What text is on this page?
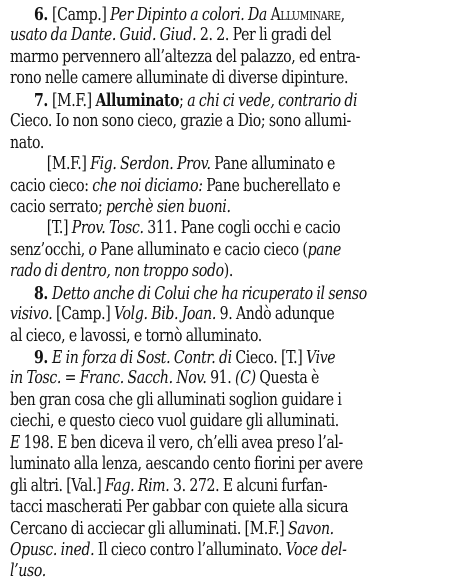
6. [Camp.] Per Dipinto a colori. Da Alluminare,
usato da Dante. Guid. Giud. 2. 2. Per li gradi del
marmo pervennero all’altezza del palazzo, ed entra-
rono nelle camere alluminate di diverse dipinture.
7. [M.F.] Alluminato; a chi ci vede, contrario di
Cieco. Io non sono cieco, grazie a Dio; sono allumi-
nato.
[M.F.] Fig. Serdon. Prov. Pane alluminato e
cacio cieco: che noi diciamo: Pane bucherellato e
cacio serrato; perchè sien buoni.
[T.] Prov. Tosc. 311. Pane cogli occhi e cacio
senz’occhi, o Pane alluminato e cacio cieco (pane
rado di dentro, non troppo sodo).
8. Detto anche di Colui che ha ricuperato il senso
visivo. [Camp.] Volg. Bib. Joan. 9. Andò adunque
al cieco, e lavossi, e tornò alluminato.
9. E in forza di Sost. Contr. di Cieco. [T.] Vive
in Tosc. = Franc. Sacch. Nov. 91. (C) Questa è
ben gran cosa che gli alluminati soglion guidare i
ciechi, e questo cieco vuol guidare gli alluminati.
E 198. E ben diceva il vero, ch’elli avea preso l’al-
luminato alla lenza, aescando cento fiorini per avere
gli altri. [Val.] Fag. Rim. 3. 272. E alcuni furfan-
tacci mascherati Per gabbar con quiete alla sicura
Cercano di acciecar gli alluminati. [M.F.] Savon.
Opusc. ined. Il cieco contro l’alluminato. Voce del-
l’uso.
